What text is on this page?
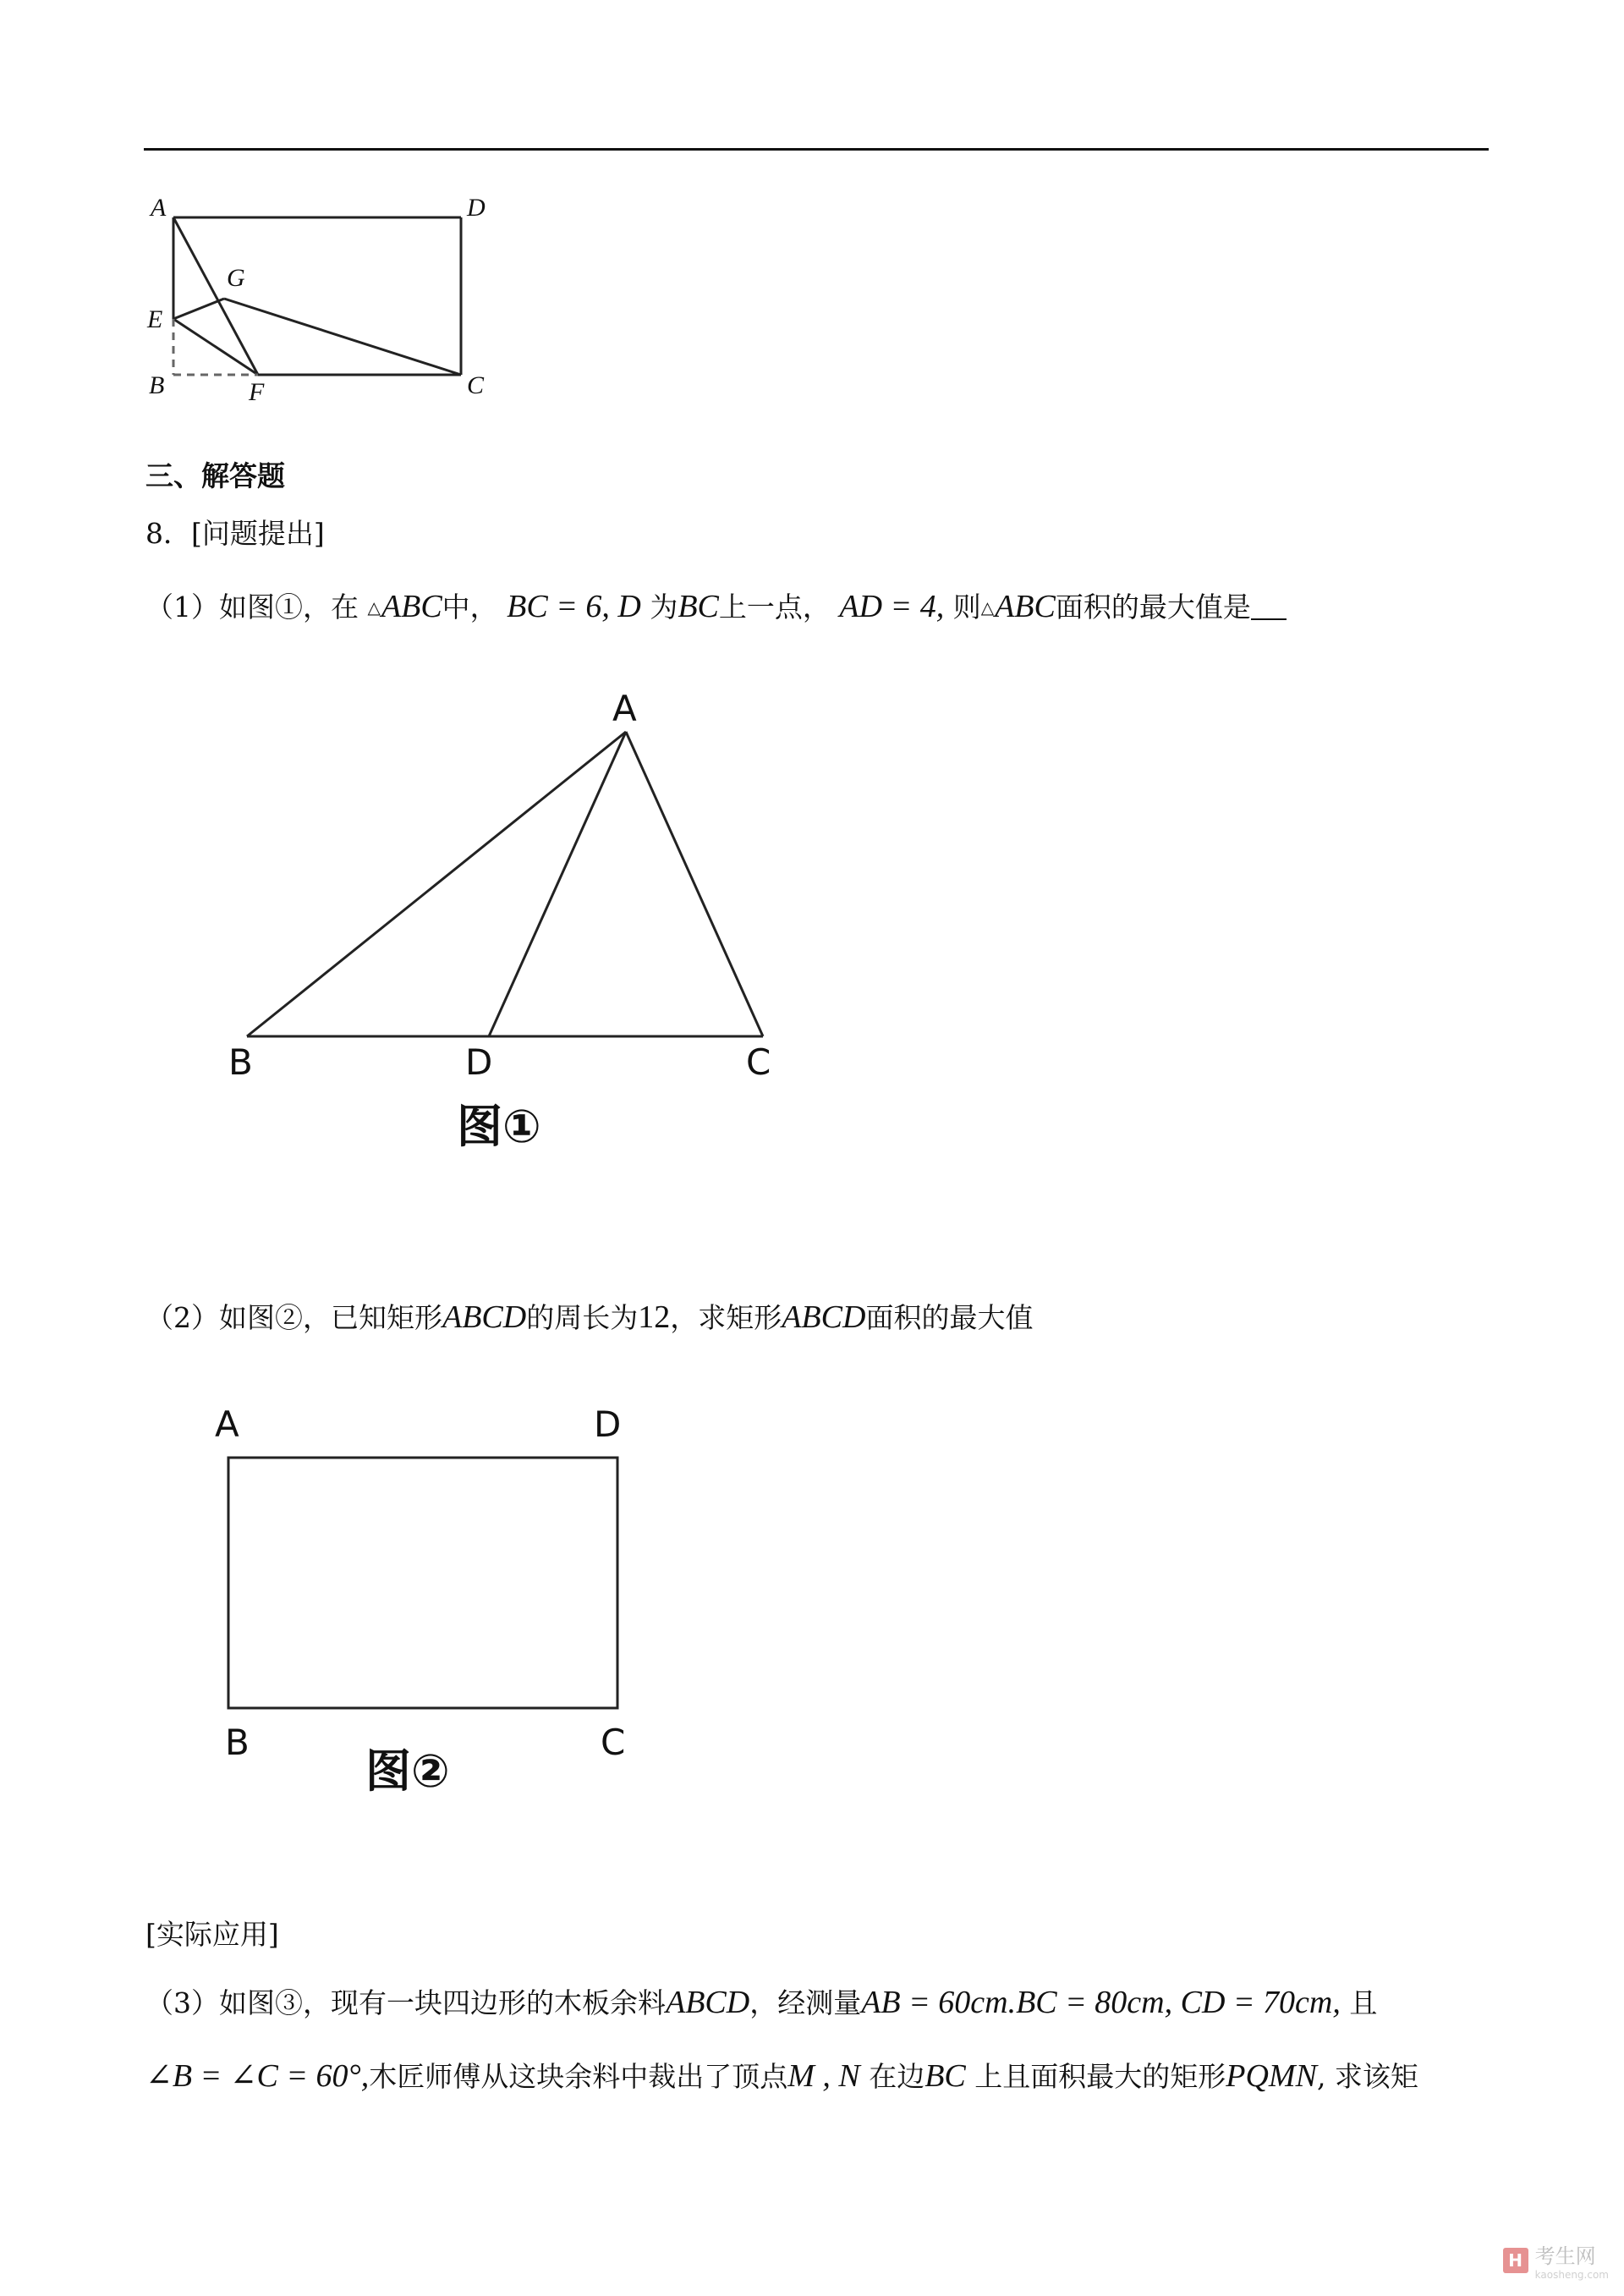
A	D
G
E
B	F	C
三、解答题
8．[问题提出]
（1）如图①，在 △ABC中， BC = 6, D 为BC上一点， AD = 4, 则△ABC面积的最大值是
A
B	D	C
图①
（2）如图②，已知矩形ABCD的周长为12，求矩形ABCD面积的最大值
A	D
B	C
图②
[实际应用]
（3）如图③，现有一块四边形的木板余料ABCD，经测量AB = 60cm.BC = 80cm, CD = 70cm, 且
∠B = ∠C = 60°,木匠师傅从这块余料中裁出了顶点M , N 在边BC 上且面积最大的矩形PQMN, 求该矩
H 考生网
kaosheng.com
